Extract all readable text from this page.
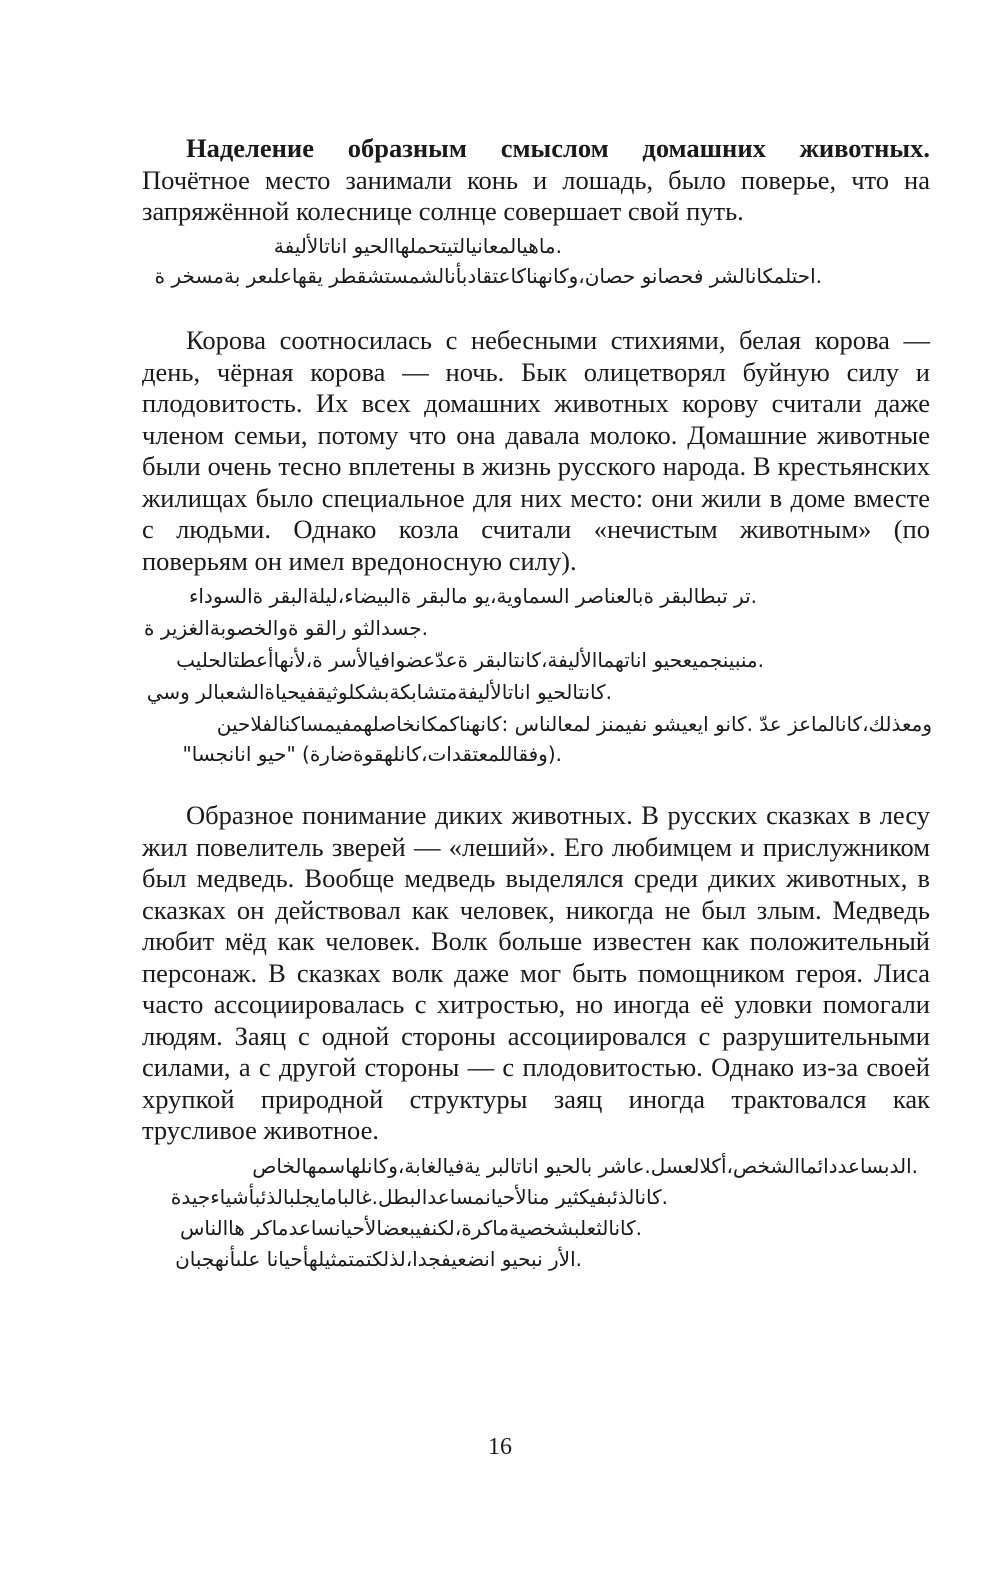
Наделение образным смыслом домашних животных. Почётное место занимали конь и лошадь, было поверье, что на запряжённой колеснице солнце совершает свой путь.

.ماهيالمعانيالتيتحملهاالحيو اناتالأليفة

.احتلمكانالشر فحصانو حصان،وكانهناكاعتقادبأنالشمستشقطر يقهاعلىعر بةمسخر ة

Корова соотносилась с небесными стихиями, белая корова — день, чёрная корова — ночь. Бык олицетворял буйную силу и плодовитость. Их всех домашних животных корову считали даже членом семьи, потому что она давала молоко. Домашние животные были очень тесно вплетены в жизнь русского народа. В крестьянских жилищах было специальное для них место: они жили в доме вместе с людьми. Однако козла считали «нечистым животным» (по поверьям он имел вредоносную силу).

.تر تبطالبقر ةبالعناصر السماوية،يو مالبقر ةالبيضاء،ليلةالبقر ةالسوداء

.جسدالثو رالقو ةوالخصوبةالغزير ة

.منبينجميعحيو اناتهماالأليفة،كانتالبقر ةعدّعضوافيالأسر ة،لأنهاأعطتالحليب

.كانتالحيو اناتالأليفةمتشابكةبشكلوثيقفيحياةالشعبالر وسي

ومعذلك،كانالماعز عدّ .كانو ايعيشو نفيمنز لمعالناس :كانهناكمكانخاصلهمفيمساكنالفلاحين

.(وفقاللمعتقدات،كانلهقوةضارة) "حيو انانجسا"

Образное понимание диких животных. В русских сказках в лесу жил повелитель зверей — «леший». Его любимцем и прислужником был медведь. Вообще медведь выделялся среди диких животных, в сказках он действовал как человек, никогда не был злым. Медведь любит мёд как человек. Волк больше известен как положительный персонаж. В сказках волк даже мог быть помощником героя. Лиса часто ассоциировалась с хитростью, но иногда её уловки помогали людям. Заяц с одной стороны ассоциировался с разрушительными силами, а с другой стороны — с плодовитостью. Однако из-за своей хрупкой природной структуры заяц иногда трактовался как трусливое животное.

.الدبساعددائماالشخص،أكلالعسل.عاشر بالحيو اناتالبر يةفيالغابة،وكانلهاسمهالخاص

.كانالذئبفيكثير منالأحيانمساعدالبطل.غالبامايجلبالذئبأشياءجيدة

.كانالثعلبشخصيةماكرة،لكنفيبعضالأحيانساعدماكر هاالناس

.الأر نبحيو انضعيفجدا،لذلكتمتمثيلهأحيانا علىأنهجبان

16
